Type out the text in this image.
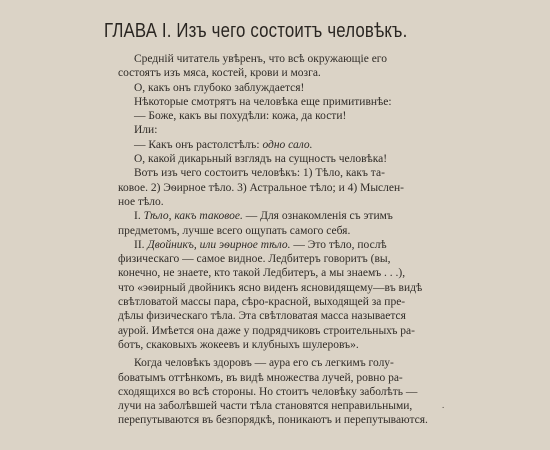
ГЛАВА I. Изъ чего состоитъ человѣкъ.
Средній читатель увѣренъ, что всѣ окружающіе его
состоятъ изъ мяса, костей, крови и мозга.
О, какъ онъ глубоко заблуждается!
Нѣкоторые смотрятъ на человѣка еще примитивнѣе:
— Боже, какъ вы похудѣли: кожа, да кости!
Или:
— Какъ онъ растолстѣлъ: одно сало.
О, какой дикарьный взглядъ на сущность человѣка!
Вотъ изъ чего состоитъ человѣкъ: 1) Тѣло, какъ та-
ковое. 2) Эѳирное тѣло. 3) Астральное тѣло; и 4) Мыслен-
ное тѣло.
I. Тѣло, какъ таковое. — Для ознакомленія съ этимъ
предметомъ, лучше всего ощупать самого себя.
II. Двойникъ, или эѳирное тѣло. — Это тѣло, послѣ
физическаго — самое видное. Ледбитеръ говоритъ (вы,
конечно, не знаете, кто такой Ледбитеръ, а мы знаемъ . . .),
что «эѳирный двойникъ ясно виденъ ясновидящему—въ видѣ
свѣтловатой массы пара, сѣро-красной, выходящей за пре-
дѣлы физическаго тѣла. Эта свѣтловатая масса называется
аурой. Имѣется она даже у подрядчиковъ строительныхъ ра-
ботъ, скаковыхъ жокеевъ и клубныхъ шулеровъ».
Когда человѣкъ здоровъ — аура его съ легкимъ голу-
боватымъ оттѣнкомъ, въ видѣ множества лучей, ровно ра-
сходящихся во всѣ стороны. Но стоитъ человѣку заболѣть —
лучи на заболѣвшей части тѣла становятся неправильными,
перепутываются въ безпорядкѣ, поникаютъ и перепутываются.
.
